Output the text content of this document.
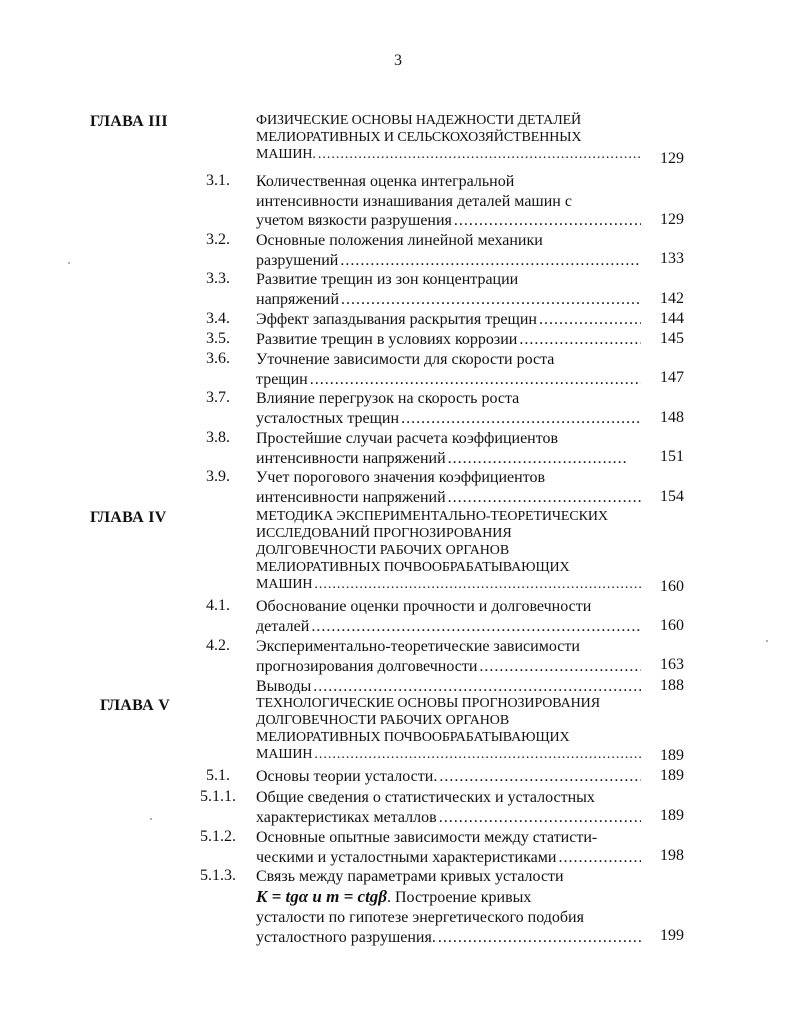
3
ГЛАВА III	ФИЗИЧЕСКИЕ ОСНОВЫ НАДЕЖНОСТИ ДЕТАЛЕЙ
МЕЛИОРАТИВНЫХ И СЕЛЬСКОХОЗЯЙСТВЕННЫХ
МАШИН. .....	129
3.1. Количественная оценка интегральной
интенсивности изнашивания деталей машин с
учетом вязкости разрушения .....	129
3.2. Основные положения линейной механики
разрушений .....	133
3.3. Развитие трещин из зон концентрации
напряжений .....	142
3.4. Эффект запаздывания раскрытия трещин .....	144
3.5. Развитие трещин в условиях коррозии .....	145
3.6. Уточнение зависимости для скорости роста
трещин .....	147
3.7. Влияние перегрузок на скорость роста
усталостных трещин .....	148
3.8. Простейшие случаи расчета коэффициентов
интенсивности напряжений .....	151
3.9. Учет порогового значения коэффициентов
интенсивности напряжений .....	154
ГЛАВА IV	МЕТОДИКА ЭКСПЕРИМЕНТАЛЬНО-ТЕОРЕТИЧЕСКИХ
ИССЛЕДОВАНИЙ ПРОГНОЗИРОВАНИЯ
ДОЛГОВЕЧНОСТИ РАБОЧИХ ОРГАНОВ
МЕЛИОРАТИВНЫХ ПОЧВООБРАБАТЫВАЮЩИХ
МАШИН .....	160
4.1. Обоснование оценки прочности и долговечности
деталей .....	160
4.2. Экспериментально-теоретические зависимости
прогнозирования долговечности .....	163
Выводы .....	188
ГЛАВА V	ТЕХНОЛОГИЧЕСКИЕ ОСНОВЫ ПРОГНОЗИРОВАНИЯ
ДОЛГОВЕЧНОСТИ РАБОЧИХ ОРГАНОВ
МЕЛИОРАТИВНЫХ ПОЧВООБРАБАТЫВАЮЩИХ
МАШИН .....	189
5.1. Основы теории усталости. .....	189
5.1.1. Общие сведения о статистических и усталостных
характеристиках металлов .....	189
5.1.2. Основные опытные зависимости между статисти-
ческими и усталостными характеристиками .....	198
5.1.3. Связь между параметрами кривых усталости
K = tgα и m = ctgβ. Построение кривых
усталости по гипотезе энергетического подобия
усталостного разрушения. .....	199
